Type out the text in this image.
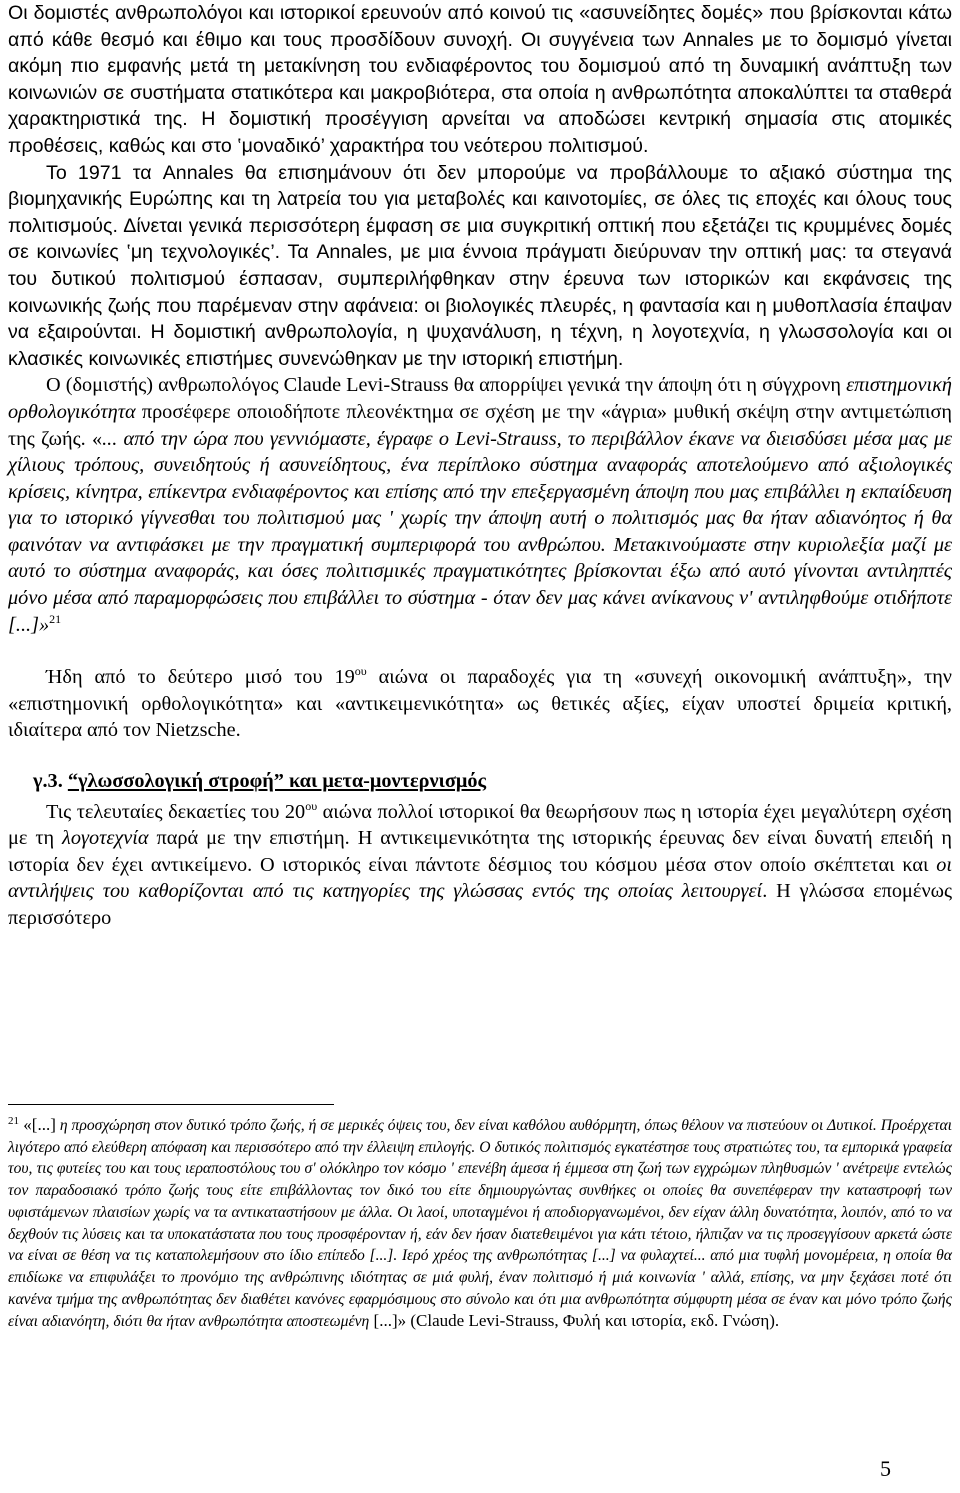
Οι δομιστές ανθρωπολόγοι και ιστορικοί ερευνούν από κοινού τις «ασυνείδητες δομές» που βρίσκονται κάτω από κάθε θεσμό και έθιμο και τους προσδίδουν συνοχή. Οι συγγένεια των Annales με το δομισμό γίνεται ακόμη πιο εμφανής μετά τη μετακίνηση του ενδιαφέροντος του δομισμού από τη δυναμική ανάπτυξη των κοινωνιών σε συστήματα στατικότερα και μακροβιότερα, στα οποία η ανθρωπότητα αποκαλύπτει τα σταθερά χαρακτηριστικά της. Η δομιστική προσέγγιση αρνείται να αποδώσει κεντρική σημασία στις ατομικές προθέσεις, καθώς και στο ‛μοναδικό’ χαρακτήρα του νεότερου πολιτισμού.

Το 1971 τα Annales θα επισημάνουν ότι δεν μπορούμε να προβάλλουμε το αξιακό σύστημα της βιομηχανικής Ευρώπης και τη λατρεία του για μεταβολές και καινοτομίες, σε όλες τις εποχές και όλους τους πολιτισμούς. Δίνεται γενικά περισσότερη έμφαση σε μια συγκριτική οπτική που εξετάζει τις κρυμμένες δομές σε κοινωνίες ‛μη τεχνολογικές’. Τα Annales, με μια έννοια πράγματι διεύρυναν την οπτική μας: τα στεγανά του δυτικού πολιτισμού έσπασαν, συμπεριλήφθηκαν στην έρευνα των ιστορικών και εκφάνσεις της κοινωνικής ζωής που παρέμεναν στην αφάνεια: οι βιολογικές πλευρές, η φαντασία και η μυθοπλασία έπαψαν να εξαιρούνται. Η δομιστική ανθρωπολογία, η ψυχανάλυση, η τέχνη, η λογοτεχνία, η γλωσσολογία και οι κλασικές κοινωνικές επιστήμες συνενώθηκαν με την ιστορική επιστήμη.

Ο (δομιστής) ανθρωπολόγος Claude Levi-Strauss θα απορρίψει γενικά την άποψη ότι η σύγχρονη επιστημονική ορθολογικότητα προσέφερε οποιοδήποτε πλεονέκτημα σε σχέση με την «άγρια» μυθική σκέψη στην αντιμετώπιση της ζωής. «... από την ώρα που γεννιόμαστε, έγραφε ο Levi-Strauss, το περιβάλλον έκανε να διεισδύσει μέσα μας με χίλιους τρόπους, συνειδητούς ή ασυνείδητους, ένα περίπλοκο σύστημα αναφοράς αποτελούμενο από αξιολογικές κρίσεις, κίνητρα, επίκεντρα ενδιαφέροντος και επίσης από την επεξεργασμένη άποψη που μας επιβάλλει η εκπαίδευση για το ιστορικό γίγνεσθαι του πολιτισμού μας ' χωρίς την άποψη αυτή ο πολιτισμός μας θα ήταν αδιανόητος ή θα φαινόταν να αντιφάσκει με την πραγματική συμπεριφορά του ανθρώπου. Μετακινούμαστε στην κυριολεξία μαζί με αυτό το σύστημα αναφοράς, και όσες πολιτισμικές πραγματικότητες βρίσκονται έξω από αυτό γίνονται αντιληπτές μόνο μέσα από παραμορφώσεις που επιβάλλει το σύστημα - όταν δεν μας κάνει ανίκανους ν' αντιληφθούμε οτιδήποτε [...]»$^{21}$

Ήδη από το δεύτερο μισό του $19^{o\upsilon}$ αιώνα οι παραδοχές για τη «συνεχή οικονομική ανάπτυξη», την «επιστημονική ορθολογικότητα» και «αντικειμενικότητα» ως θετικές αξίες, είχαν υποστεί δριμεία κριτική, ιδιαίτερα από τον Nietzsche.

γ.3. “γλωσσολογική στροφή” και μετα-μοντερνισμός

Τις τελευταίες δεκαετίες του $20^{o\upsilon}$ αιώνα πολλοί ιστορικοί θα θεωρήσουν πως η ιστορία έχει μεγαλύτερη σχέση με τη λογοτεχνία παρά με την επιστήμη. Η αντικειμενικότητα της ιστορικής έρευνας δεν είναι δυνατή επειδή η ιστορία δεν έχει αντικείμενο. Ο ιστορικός είναι πάντοτε δέσμιος του κόσμου μέσα στον οποίο σκέπτεται και οι αντιλήψεις του καθορίζονται από τις κατηγορίες της γλώσσας εντός της οποίας λειτουργεί. Η γλώσσα επομένως περισσότερο

$^{21}$ «[...] η προσχώρηση στον δυτικό τρόπο ζωής, ή σε μερικές όψεις του, δεν είναι καθόλου αυθόρμητη, όπως θέλουν να πιστεύουν οι Δυτικοί. Προέρχεται λιγότερο από ελεύθερη απόφαση και περισσότερο από την έλλειψη επιλογής. Ο δυτικός πολιτισμός εγκατέστησε τους στρατιώτες του, τα εμπορικά γραφεία του, τις φυτείες του και τους ιεραποστόλους του σ' ολόκληρο τον κόσμο ' επενέβη άμεσα ή έμμεσα στη ζωή των εγχρώμων πληθυσμών ' ανέτρεψε εντελώς τον παραδοσιακό τρόπο ζωής τους είτε επιβάλλοντας τον δικό του είτε δημιουργώντας συνθήκες οι οποίες θα συνεπέφεραν την καταστροφή των υφιστάμενων πλαισίων χωρίς να τα αντικαταστήσουν με άλλα. Οι λαοί, υποταγμένοι ή αποδιοργανωμένοι, δεν είχαν άλλη δυνατότητα, λοιπόν, από το να δεχθούν τις λύσεις και τα υποκατάστατα που τους προσφέρονταν ή, εάν δεν ήσαν διατεθειμένοι για κάτι τέτοιο, ήλπιζαν να τις προσεγγίσουν αρκετά ώστε να είναι σε θέση να τις καταπολεμήσουν στο ίδιο επίπεδο [...]. Ιερό χρέος της ανθρωπότητας [...] να φυλαχτεί... από μια τυφλή μονομέρεια, η οποία θα επιδίωκε να επιφυλάξει το προνόμιο της ανθρώπινης ιδιότητας σε μιά φυλή, έναν πολιτισμό ή μιά κοινωνία ' αλλά, επίσης, να μην ξεχάσει ποτέ ότι κανένα τμήμα της ανθρωπότητας δεν διαθέτει κανόνες εφαρμόσιμους στο σύνολο και ότι μια ανθρωπότητα σύμφυρτη μέσα σε έναν και μόνο τρόπο ζωής είναι αδιανόητη, διότι θα ήταν ανθρωπότητα αποστεωμένη [...]» (Claude Levi-Strauss, Φυλή και ιστορία, εκδ. Γνώση).
5
